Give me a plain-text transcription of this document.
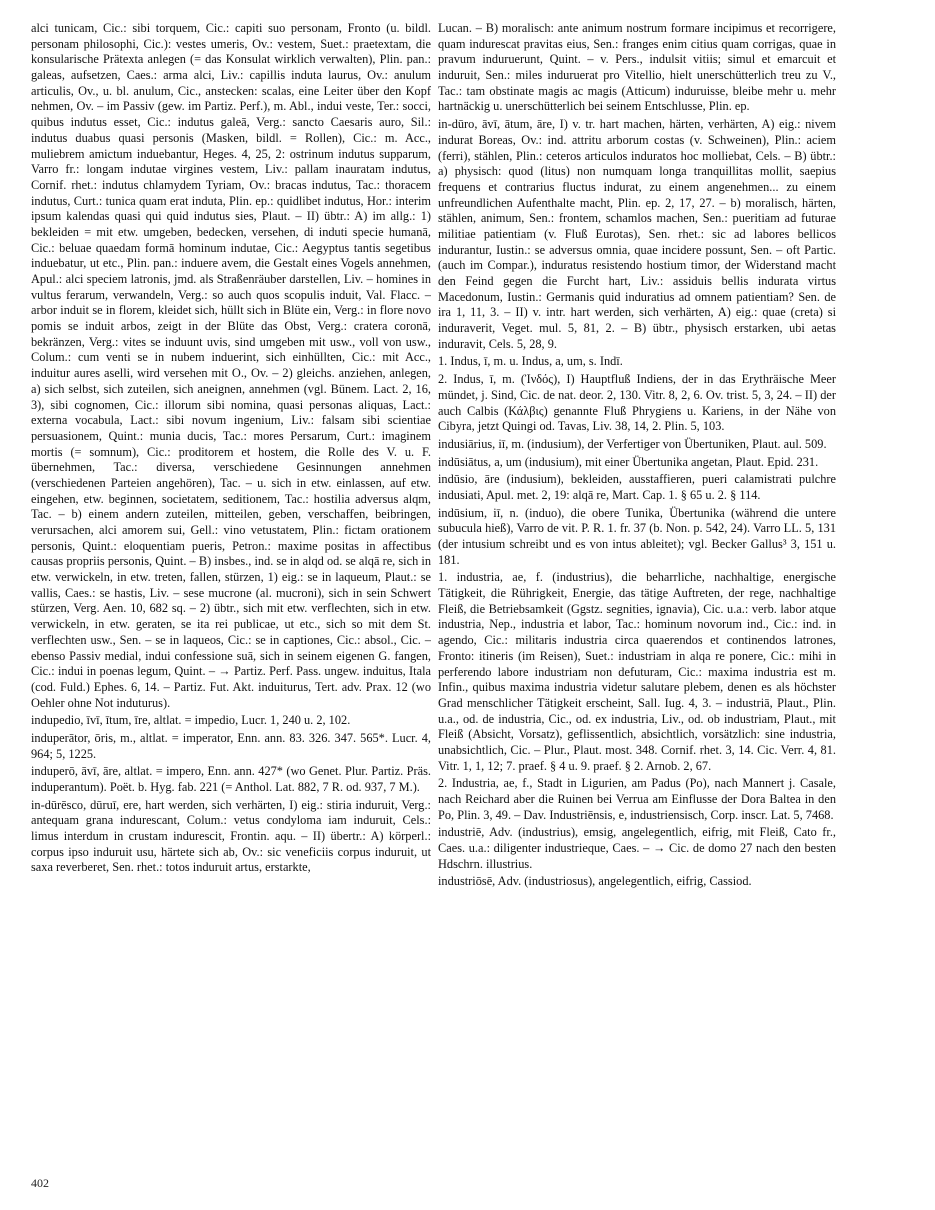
alci tunicam, Cic.: sibi torquem, Cic.: capiti suo personam, Fronto (u. bildl. personam philosophi, Cic.): vestes umeris, Ov.: vestem, Suet.: praetextam, die konsularische Prätexta anlegen (= das Konsulat wirklich verwalten), Plin. pan.: galeas, aufsetzen, Caes.: arma alci, Liv.: capillis induta laurus, Ov.: anulum articulis, Ov., u. bl. anulum, Cic., anstecken: scalas, eine Leiter über den Kopf nehmen, Ov. – im Passiv (gew. im Partiz. Perf.), m. Abl., indui veste, Ter.: socci, quibus indutus esset, Cic.: indutus galeā, Verg.: sancto Caesaris auro, Sil.: indutus duabus quasi personis (Masken, bildl. = Rollen), Cic.: m. Acc., muliebrem amictum induebantur, Heges. 4, 25, 2: ostrinum indutus supparum, Varro fr.: longam indutae virgines vestem, Liv.: pallam inauratam indutus, Cornif. rhet.: indutus chlamydem Tyriam, Ov.: bracas indutus, Tac.: thoracem indutus, Curt.: tunica quam erat induta, Plin. ep.: quidlibet indutus, Hor.: interim ipsum kalendas quasi qui quid indutus sies, Plaut. – II) übtr.: A) im allg.: 1) bekleiden = mit etw. umgeben, bedecken, versehen, di induti specie humanā, Cic.: beluae quaedam formā hominum indutae, Cic.: Aegyptus tantis segetibus induebatur, ut etc., Plin. pan.: induere avem, die Gestalt eines Vogels annehmen, Apul.: alci speciem latronis, jmd. als Straßenräuber darstellen, Liv. – homines in vultus ferarum, verwandeln, Verg.: so auch quos scopulis induit, Val. Flacc. – arbor induit se in florem, kleidet sich, hüllt sich in Blüte ein, Verg.: in flore novo pomis se induit arbos, zeigt in der Blüte das Obst, Verg.: cratera coronā, bekränzen, Verg.: vites se induunt uvis, sind umgeben mit usw., voll von usw., Colum.: cum venti se in nubem induerint, sich einhüllten, Cic.: mit Acc., induitur aures aselli, wird versehen mit O., Ov. – 2) gleichs. anziehen, anlegen, a) sich selbst, sich zuteilen, sich aneignen, annehmen (vgl. Bünem. Lact. 2, 16, 3), sibi cognomen, Cic.: illorum sibi nomina, quasi personas aliquas, Lact.: externa vocabula, Lact.: sibi novum ingenium, Liv.: falsam sibi scientiae persuasionem, Quint.: munia ducis, Tac.: mores Persarum, Curt.: imaginem mortis (= somnum), Cic.: proditorem et hostem, die Rolle des V. u. F. übernehmen, Tac.: diversa, verschiedene Gesinnungen annehmen (verschiedenen Parteien angehören), Tac. – u. sich in etw. einlassen, auf etw. eingehen, etw. beginnen, societatem, seditionem, Tac.: hostilia adversus alqm, Tac. – b) einem andern zuteilen, mitteilen, geben, verschaffen, beibringen, verursachen, alci amorem sui, Gell.: vino vetustatem, Plin.: fictam orationem personis, Quint.: eloquentiam pueris, Petron.: maxime positas in affectibus causas propriis personis, Quint. – B) insbes., ind. se in alqd od. se alqā re, sich in etw. verwickeln, in etw. treten, fallen, stürzen, 1) eig.: se in laqueum, Plaut.: se vallis, Caes.: se hastis, Liv. – sese mucrone (al. mucroni), sich in sein Schwert stürzen, Verg. Aen. 10, 682 sq. – 2) übtr., sich mit etw. verflechten, sich in etw. verwickeln, in etw. geraten, se ita rei publicae, ut etc., sich so mit dem St. verflechten usw., Sen. – se in laqueos, Cic.: se in captiones, Cic.: absol., Cic. – ebenso Passiv medial, indui confessione suā, sich in seinem eigenen G. fangen, Cic.: indui in poenas legum, Quint. – → Partiz. Perf. Pass. ungew. induitus, Itala (cod. Fuld.) Ephes. 6, 14. – Partiz. Fut. Akt. induiturus, Tert. adv. Prax. 12 (wo Oehler ohne Not induturus).

indupedio, īvī, ītum, īre, altlat. = impedio, Lucr. 1, 240 u. 2, 102.

induperātor, ōris, m., altlat. = imperator, Enn. ann. 83. 326. 347. 565*. Lucr. 4, 964; 5, 1225.

induperō, āvī, āre, altlat. = impero, Enn. ann. 427* (wo Genet. Plur. Partiz. Präs. induperantum). Poët. b. Hyg. fab. 221 (= Anthol. Lat. 882, 7 R. od. 937, 7 M.).

in-dūrēsco, dūruī, ere, hart werden, sich verhärten, I) eig.: stiria induruit, Verg.: antequam grana indurescant, Colum.: vetus condyloma iam induruit, Cels.: limus interdum in crustam indurescit, Frontin. aqu. – II) übertr.: A) körperl.: corpus ipso induruit usu, härtete sich ab, Ov.: sic veneficiis corpus induruit, ut saxa reverberet, Sen. rhet.: totos induruit artus, erstarkte,

Lucan. – B) moralisch: ante animum nostrum formare incipimus et recorrigere, quam indurescat pravitas eius, Sen.: franges enim citius quam corrigas, quae in pravum induruerunt, Quint. – v. Pers., indulsit vitiis; simul et emarcuit et induruit, Sen.: miles induruerat pro Vitellio, hielt unerschütterlich treu zu V., Tac.: tam obstinate magis ac magis (Atticum) induruisse, bleibe mehr u. mehr hartnäckig u. unerschütterlich bei seinem Entschlusse, Plin. ep.

in-dūro, āvī, ātum, āre, I) v. tr. hart machen, härten, verhärten, A) eig.: nivem indurat Boreas, Ov.: ind. attritu arborum costas (v. Schweinen), Plin.: aciem (ferri), stählen, Plin.: ceteros articulos induratos hoc molliebat, Cels. – B) übtr.: a) physisch: quod (litus) non numquam longa tranquillitas mollit, saepius frequens et contrarius fluctus indurat, zu einem angenehmen... zu einem unfreundlichen Aufenthalte macht, Plin. ep. 2, 17, 27. – b) moralisch, härten, stählen, animum, Sen.: frontem, schamlos machen, Sen.: pueritiam ad futurae militiae patientiam (v. Fluß Eurotas), Sen. rhet.: sic ad labores bellicos indurantur, Iustin.: se adversus omnia, quae incidere possunt, Sen. – oft Partic. (auch im Compar.), induratus resistendo hostium timor, der Widerstand macht den Feind gegen die Furcht hart, Liv.: assiduis bellis indurata virtus Macedonum, Iustin.: Germanis quid induratius ad omnem patientiam? Sen. de ira 1, 11, 3. – II) v. intr. hart werden, sich verhärten, A) eig.: quae (creta) si induraverit, Veget. mul. 5, 81, 2. – B) übtr., physisch erstarken, ubi aetas induravit, Cels. 5, 28, 9.

1. Indus, ī, m. u. Indus, a, um, s. Indī.

2. Indus, ī, m. (Ἰνδός), I) Hauptfluß Indiens, der in das Erythräische Meer mündet, j. Sind, Cic. de nat. deor. 2, 130. Vitr. 8, 2, 6. Ov. trist. 5, 3, 24. – II) der auch Calbis (Κάλβις) genannte Fluß Phrygiens u. Kariens, in der Nähe von Cibyra, jetzt Quingi od. Tavas, Liv. 38, 14, 2. Plin. 5, 103.

indusiārius, iī, m. (indusium), der Verfertiger von Übertuniken, Plaut. aul. 509.

indūsiātus, a, um (indusium), mit einer Übertunika angetan, Plaut. Epid. 231.

indūsio, āre (indusium), bekleiden, ausstaffieren, pueri calamistrati pulchre indusiati, Apul. met. 2, 19: alqā re, Mart. Cap. 1. § 65 u. 2. § 114.

indūsium, iī, n. (induo), die obere Tunika, Übertunika (während die untere subucula hieß), Varro de vit. P. R. 1. fr. 37 (b. Non. p. 542, 24). Varro LL. 5, 131 (der intusium schreibt und es von intus ableitet); vgl. Becker Gallus³ 3, 151 u. 181.

1. industria, ae, f. (industrius), die beharrliche, nachhaltige, energische Tätigkeit, die Rührigkeit, Energie, das tätige Auftreten, der rege, nachhaltige Fleiß, die Betriebsamkeit (Ggstz. segnities, ignavia), Cic. u.a.: verb. labor atque industria, Nep., industria et labor, Tac.: hominum novorum ind., Cic.: ind. in agendo, Cic.: militaris industria circa quaerendos et continendos latrones, Fronto: itineris (im Reisen), Suet.: industriam in alqa re ponere, Cic.: mihi in perferendo labore industriam non defuturam, Cic.: maxima industria est m. Infin., quibus maxima industria videtur salutare plebem, denen es als höchster Grad menschlicher Tätigkeit erscheint, Sall. Iug. 4, 3. – industriā, Plaut., Plin. u.a., od. de industria, Cic., od. ex industria, Liv., od. ob industriam, Plaut., mit Fleiß (Absicht, Vorsatz), geflissentlich, absichtlich, vorsätzlich: sine industria, unabsichtlich, Cic. – Plur., Plaut. most. 348. Cornif. rhet. 3, 14. Cic. Verr. 4, 81. Vitr. 1, 1, 12; 7. praef. § 4 u. 9. praef. § 2. Arnob. 2, 67.

2. Industria, ae, f., Stadt in Ligurien, am Padus (Po), nach Mannert j. Casale, nach Reichard aber die Ruinen bei Verrua am Einflusse der Dora Baltea in den Po, Plin. 3, 49. – Dav. Industriēnsis, e, industriensisch, Corp. inscr. Lat. 5, 7468.

industriē, Adv. (industrius), emsig, angelegentlich, eifrig, mit Fleiß, Cato fr., Caes. u.a.: diligenter industrieque, Caes. – → Cic. de domo 27 nach den besten Hdschrn. illustrius.

industriōsē, Adv. (industriosus), angelegentlich, eifrig, Cassiod.

402
